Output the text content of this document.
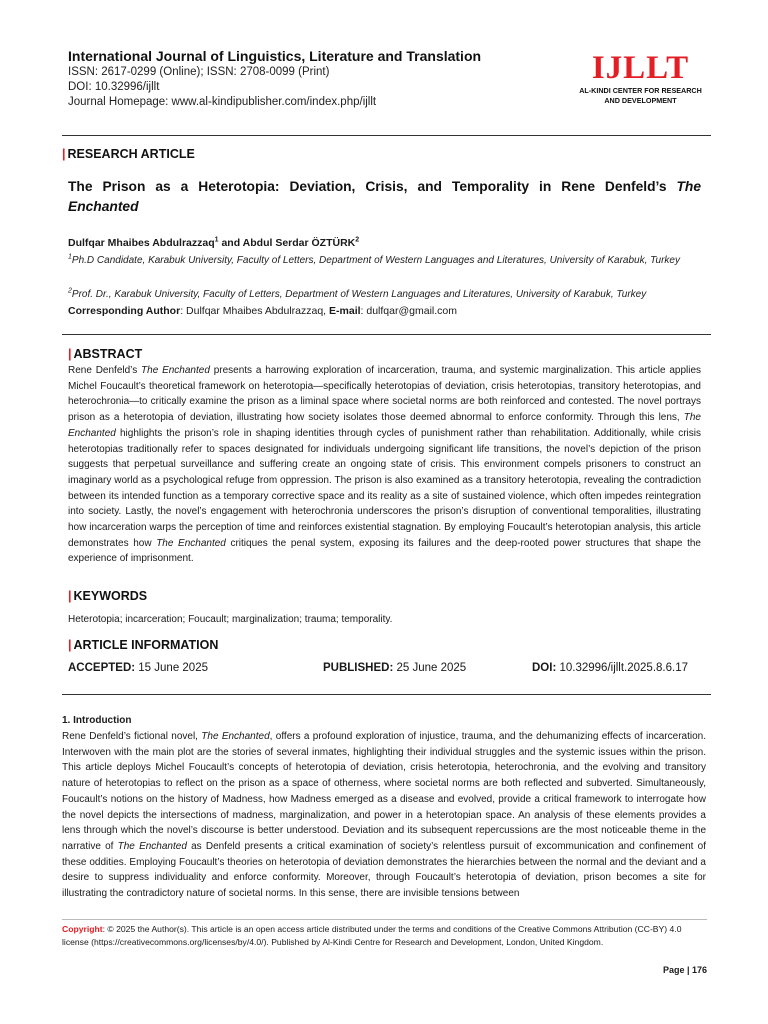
International Journal of Linguistics, Literature and Translation
ISSN: 2617-0299 (Online); ISSN: 2708-0099 (Print)
DOI: 10.32996/ijllt
Journal Homepage: www.al-kindipublisher.com/index.php/ijllt
IJLLT
AL-KINDI CENTER FOR RESEARCH
AND DEVELOPMENT
| RESEARCH ARTICLE
The Prison as a Heterotopia: Deviation, Crisis, and Temporality in Rene Denfeld’s The Enchanted
Dulfqar Mhaibes Abdulrazzaq$^1$ and Abdul Serdar ÖZTÜRK$^2$
$^1$Ph.D Candidate, Karabuk University, Faculty of Letters, Department of Western Languages and Literatures, University of Karabuk, Turkey
$^2$Prof. Dr., Karabuk University, Faculty of Letters, Department of Western Languages and Literatures, University of Karabuk, Turkey
Corresponding Author: Dulfqar Mhaibes Abdulrazzaq, E-mail: dulfqar@gmail.com
| ABSTRACT
Rene Denfeld’s The Enchanted presents a harrowing exploration of incarceration, trauma, and systemic marginalization. This article applies Michel Foucault’s theoretical framework on heterotopia—specifically heterotopias of deviation, crisis heterotopias, transitory heterotopias, and heterochronia—to critically examine the prison as a liminal space where societal norms are both reinforced and contested. The novel portrays prison as a heterotopia of deviation, illustrating how society isolates those deemed abnormal to enforce conformity. Through this lens, The Enchanted highlights the prison’s role in shaping identities through cycles of punishment rather than rehabilitation. Additionally, while crisis heterotopias traditionally refer to spaces designated for individuals undergoing significant life transitions, the novel’s depiction of the prison suggests that perpetual surveillance and suffering create an ongoing state of crisis. This environment compels prisoners to construct an imaginary world as a psychological refuge from oppression. The prison is also examined as a transitory heterotopia, revealing the contradiction between its intended function as a temporary corrective space and its reality as a site of sustained violence, which often impedes reintegration into society. Lastly, the novel’s engagement with heterochronia underscores the prison’s disruption of conventional temporalities, illustrating how incarceration warps the perception of time and reinforces existential stagnation. By employing Foucault’s heterotopian analysis, this article demonstrates how The Enchanted critiques the penal system, exposing its failures and the deep-rooted power structures that shape the experience of imprisonment.
| KEYWORDS
Heterotopia; incarceration; Foucault; marginalization; trauma; temporality.
| ARTICLE INFORMATION
ACCEPTED: 15 June 2025	PUBLISHED: 25 June 2025	DOI: 10.32996/ijllt.2025.8.6.17
1. Introduction
Rene Denfeld’s fictional novel, The Enchanted, offers a profound exploration of injustice, trauma, and the dehumanizing effects of incarceration. Interwoven with the main plot are the stories of several inmates, highlighting their individual struggles and the systemic issues within the prison. This article deploys Michel Foucault’s concepts of heterotopia of deviation, crisis heterotopia, heterochronia, and the evolving and transitory nature of heterotopias to reflect on the prison as a space of otherness, where societal norms are both reflected and subverted. Simultaneously, Foucault’s notions on the history of Madness, how Madness emerged as a disease and evolved, provide a critical framework to interrogate how the novel depicts the intersections of madness, marginalization, and power in a heterotopian space. An analysis of these elements provides a lens through which the novel’s discourse is better understood. Deviation and its subsequent repercussions are the most noticeable theme in the narrative of The Enchanted as Denfeld presents a critical examination of society’s relentless pursuit of excommunication and confinement of these oddities. Employing Foucault’s theories on heterotopia of deviation demonstrates the hierarchies between the normal and the deviant and a desire to suppress individuality and enforce conformity. Moreover, through Foucault’s heterotopia of deviation, prison becomes a site for illustrating the contradictory nature of societal norms. In this sense, there are invisible tensions between
Copyright: © 2025 the Author(s). This article is an open access article distributed under the terms and conditions of the Creative Commons Attribution (CC-BY) 4.0 license (https://creativecommons.org/licenses/by/4.0/). Published by Al-Kindi Centre for Research and Development, London, United Kingdom.
Page | 176
